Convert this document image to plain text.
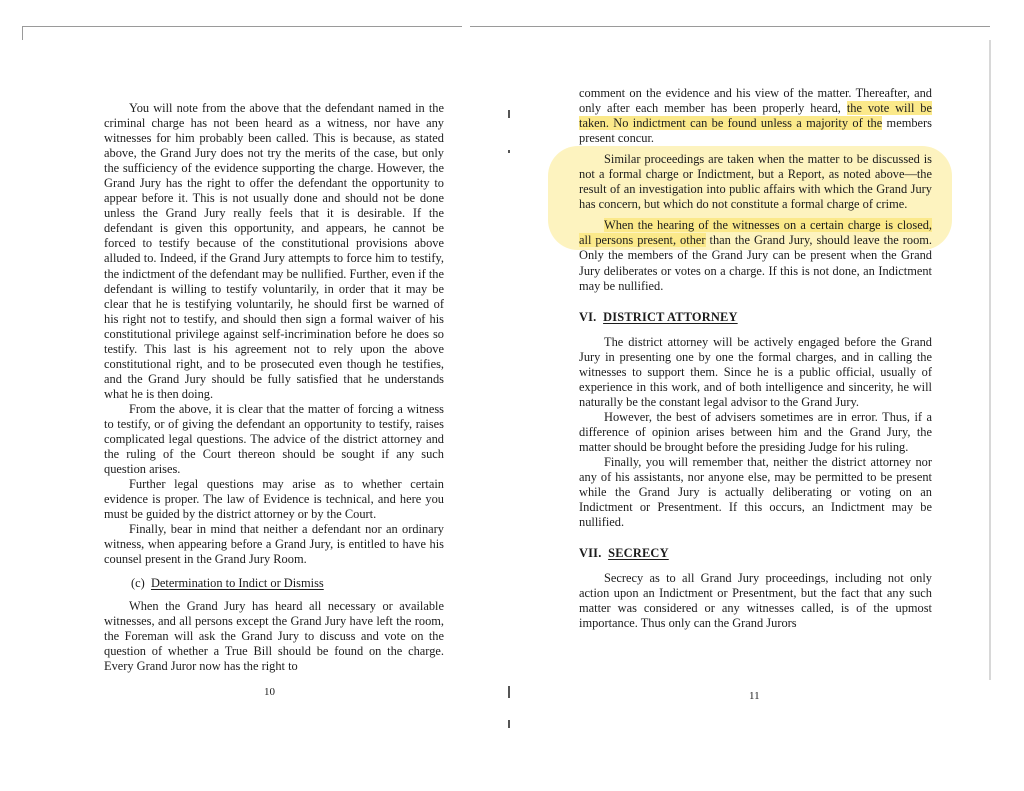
You will note from the above that the defendant named in the criminal charge has not been heard as a witness, nor have any witnesses for him probably been called. This is because, as stated above, the Grand Jury does not try the merits of the case, but only the sufficiency of the evidence supporting the charge. However, the Grand Jury has the right to offer the defendant the opportunity to appear before it. This is not usually done and should not be done unless the Grand Jury really feels that it is desirable. If the defendant is given this opportunity, and appears, he cannot be forced to testify because of the constitutional provisions above alluded to. Indeed, if the Grand Jury attempts to force him to testify, the indictment of the defendant may be nullified. Further, even if the defendant is willing to testify voluntarily, in order that it may be clear that he is testifying voluntarily, he should first be warned of his right not to testify, and should then sign a formal waiver of his constitutional privilege against self-incrimination before he does so testify. This last is his agreement not to rely upon the above constitutional right, and to be prosecuted even though he testifies, and the Grand Jury should be fully satisfied that he understands what he is then doing.

From the above, it is clear that the matter of forcing a witness to testify, or of giving the defendant an opportunity to testify, raises complicated legal questions. The advice of the district attorney and the ruling of the Court thereon should be sought if any such question arises.

Further legal questions may arise as to whether certain evidence is proper. The law of Evidence is technical, and here you must be guided by the district attorney or by the Court.

Finally, bear in mind that neither a defendant nor an ordinary witness, when appearing before a Grand Jury, is entitled to have his counsel present in the Grand Jury Room.

(c) Determination to Indict or Dismiss

When the Grand Jury has heard all necessary or available witnesses, and all persons except the Grand Jury have left the room, the Foreman will ask the Grand Jury to discuss and vote on the question of whether a True Bill should be found on the charge. Every Grand Juror now has the right to

10

comment on the evidence and his view of the matter. Thereafter, and only after each member has been properly heard, the vote will be taken. No indictment can be found unless a majority of the members present concur.

Similar proceedings are taken when the matter to be discussed is not a formal charge or Indictment, but a Report, as noted above—the result of an investigation into public affairs with which the Grand Jury has concern, but which do not constitute a formal charge of crime.

When the hearing of the witnesses on a certain charge is closed, all persons present, other than the Grand Jury, should leave the room. Only the members of the Grand Jury can be present when the Grand Jury deliberates or votes on a charge. If this is not done, an Indictment may be nullified.

VI. DISTRICT ATTORNEY

The district attorney will be actively engaged before the Grand Jury in presenting one by one the formal charges, and in calling the witnesses to support them. Since he is a public official, usually of experience in this work, and of both intelligence and sincerity, he will naturally be the constant legal advisor to the Grand Jury.

However, the best of advisers sometimes are in error. Thus, if a difference of opinion arises between him and the Grand Jury, the matter should be brought before the presiding Judge for his ruling.

Finally, you will remember that, neither the district attorney nor any of his assistants, nor anyone else, may be permitted to be present while the Grand Jury is actually deliberating or voting on an Indictment or Presentment. If this occurs, an Indictment may be nullified.

VII. SECRECY

Secrecy as to all Grand Jury proceedings, including not only action upon an Indictment or Presentment, but the fact that any such matter was considered or any witnesses called, is of the upmost importance. Thus only can the Grand Jurors

11
